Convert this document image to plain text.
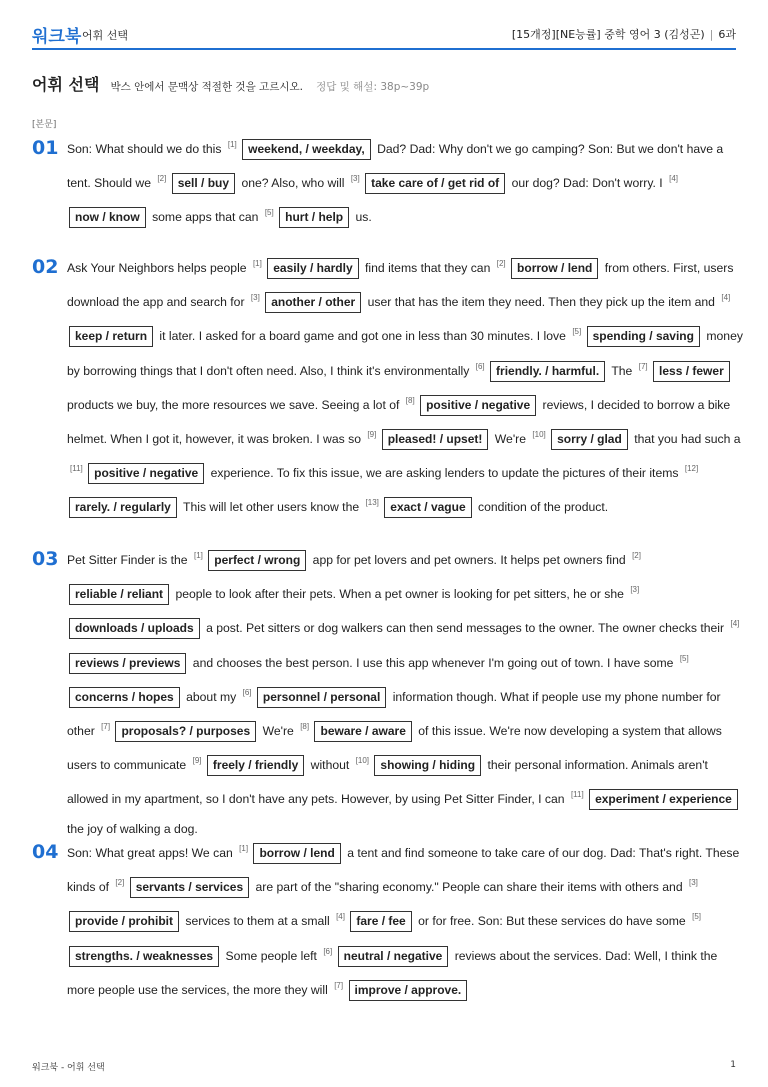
워크북 어휘 선택	[15개정][NE능률] 중학 영어 3 (김성곤) | 6과
어휘 선택 박스 안에서 문맥상 적절한 것을 고르시오. 정답 및 해설: 38p~39p
[본문]
01 Son: What should we do this [1] weekend, / weekday, Dad? Dad: Why don't we go camping? Son: But we don't have a tent. Should we [2] sell / buy one? Also, who will [3] take care of / get rid of our dog? Dad: Don't worry. I [4] now / know some apps that can [5] hurt / help us.
02 Ask Your Neighbors helps people [1] easily / hardly find items that they can [2] borrow / lend from others. First, users download the app and search for [3] another / other user that has the item they need. Then they pick up the item and [4] keep / return it later. I asked for a board game and got one in less than 30 minutes. I love [5] spending / saving money by borrowing things that I don't often need. Also, I think it's environmentally [6] friendly. / harmful. The [7] less / fewer products we buy, the more resources we save. Seeing a lot of [8] positive / negative reviews, I decided to borrow a bike helmet. When I got it, however, it was broken. I was so [9] pleased! / upset! We're [10] sorry / glad that you had such a [11] positive / negative experience. To fix this issue, we are asking lenders to update the pictures of their items [12] rarely. / regularly This will let other users know the [13] exact / vague condition of the product.
03 Pet Sitter Finder is the [1] perfect / wrong app for pet lovers and pet owners. It helps pet owners find [2] reliable / reliant people to look after their pets. When a pet owner is looking for pet sitters, he or she [3] downloads / uploads a post. Pet sitters or dog walkers can then send messages to the owner. The owner checks their [4] reviews / previews and chooses the best person. I use this app whenever I'm going out of town. I have some [5] concerns / hopes about my [6] personnel / personal information though. What if people use my phone number for other [7] proposals? / purposes We're [8] beware / aware of this issue. We're now developing a system that allows users to communicate [9] freely / friendly without [10] showing / hiding their personal information. Animals aren't allowed in my apartment, so I don't have any pets. However, by using Pet Sitter Finder, I can [11] experiment / experience the joy of walking a dog.
04 Son: What great apps! We can [1] borrow / lend a tent and find someone to take care of our dog. Dad: That's right. These kinds of [2] servants / services are part of the "sharing economy." People can share their items with others and [3] provide / prohibit services to them at a small [4] fare / fee or for free. Son: But these services do have some [5] strengths. / weaknesses Some people left [6] neutral / negative reviews about the services. Dad: Well, I think the more people use the services, the more they will [7] improve / approve.
워크북 - 어휘 선택	1
